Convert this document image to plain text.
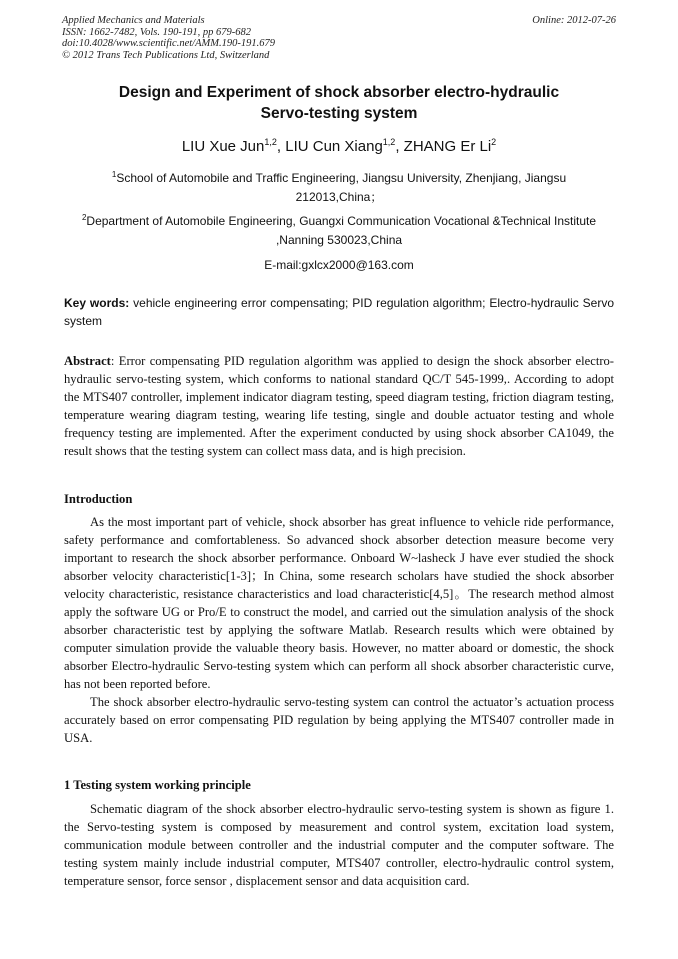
Applied Mechanics and Materials
ISSN: 1662-7482, Vols. 190-191, pp 679-682
doi:10.4028/www.scientific.net/AMM.190-191.679
© 2012 Trans Tech Publications Ltd, Switzerland
Online: 2012-07-26
Design and Experiment of shock absorber electro-hydraulic
Servo-testing system
LIU Xue Jun$^{1,2}$, LIU Cun Xiang$^{1,2}$, ZHANG Er Li$^2$
$^1$School of Automobile and Traffic Engineering, Jiangsu University, Zhenjiang, Jiangsu 212013,China；
$^2$Department of Automobile Engineering, Guangxi Communication Vocational &Technical Institute ,Nanning 530023,China
E-mail:gxlcx2000@163.com
Key words: vehicle engineering error compensating; PID regulation algorithm; Electro-hydraulic Servo system

Abstract: Error compensating PID regulation algorithm was applied to design the shock absorber electro-hydraulic servo-testing system, which conforms to national standard QC/T 545-1999,. According to adopt the MTS407 controller, implement indicator diagram testing, speed diagram testing, friction diagram testing, temperature wearing diagram testing, wearing life testing, single and double actuator testing and whole frequency testing are implemented. After the experiment conducted by using shock absorber CA1049, the result shows that the testing system can collect mass data, and is high precision.

Introduction

As the most important part of vehicle, shock absorber has great influence to vehicle ride performance, safety performance and comfortableness. So advanced shock absorber detection measure become very important to research the shock absorber performance. Onboard W~lasheck J have ever studied the shock absorber velocity characteristic[1-3]；In China, some research scholars have studied the shock absorber velocity characteristic, resistance characteristics and load characteristic[4,5]。The research method almost apply the software UG or Pro/E to construct the model, and carried out the simulation analysis of the shock absorber characteristic test by applying the software Matlab. Research results which were obtained by computer simulation provide the valuable theory basis. However, no matter aboard or domestic, the shock absorber Electro-hydraulic Servo-testing system which can perform all shock absorber characteristic curve, has not been reported before.

The shock absorber electro-hydraulic servo-testing system can control the actuator’s actuation process accurately based on error compensating PID regulation by being applying the MTS407 controller made in USA.

1 Testing system working principle

Schematic diagram of the shock absorber electro-hydraulic servo-testing system is shown as figure 1. the Servo-testing system is composed by measurement and control system, excitation load system, communication module between controller and the industrial computer and the computer software. The testing system mainly include industrial computer, MTS407 controller, electro-hydraulic control system, temperature sensor, force sensor , displacement sensor and data acquisition card.
